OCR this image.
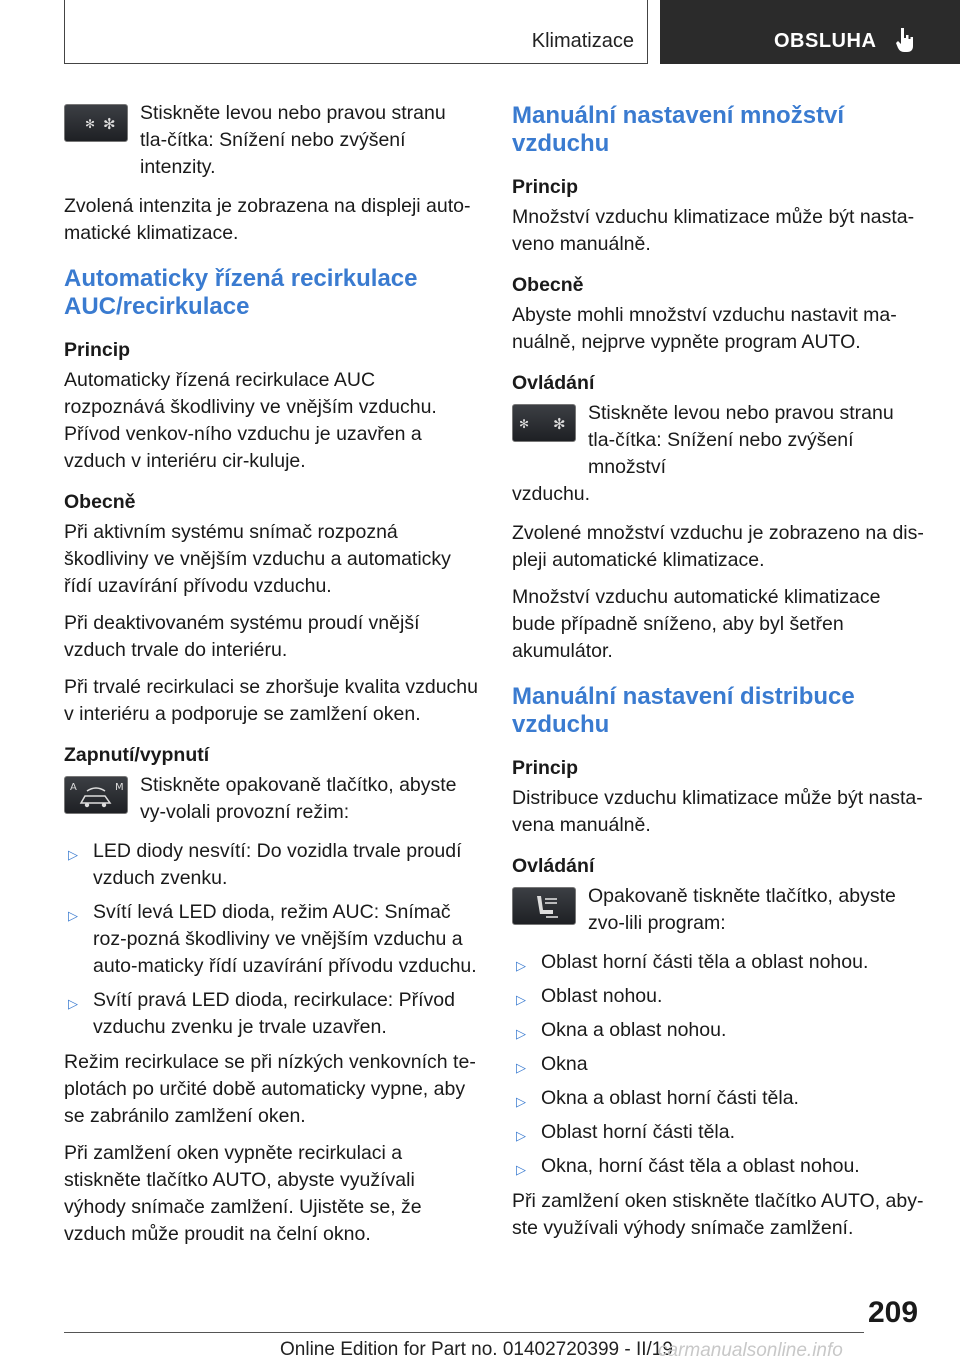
Klimatizace	OBSLUHA
✻ ✻ Stiskněte levou nebo pravou stranu tla-čítka: Snížení nebo zvýšení intenzity.

Zvolená intenzita je zobrazena na displeji auto-matické klimatizace.

Automaticky řízená recirkulace AUC/recirkulace
Princip

Automaticky řízená recirkulace AUC rozpoznává škodliviny ve vnějším vzduchu. Přívod venkov-ního vzduchu je uzavřen a vzduch v interiéru cir-kuluje.

Obecně

Při aktivním systému snímač rozpozná škodliviny ve vnějším vzduchu a automaticky řídí uzavírání přívodu vzduchu.

Při deaktivovaném systému proudí vnější vzduch trvale do interiéru.

Při trvalé recirkulaci se zhoršuje kvalita vzduchu v interiéru a podporuje se zamlžení oken.

Zapnutí/vypnutí
A	M Stiskněte opakovaně tlačítko, abyste vy-volali provozní režim:

▷ LED diody nesvítí: Do vozidla trvale proudí vzduch zvenku.
▷ Svítí levá LED dioda, režim AUC: Snímač roz-pozná škodliviny ve vnějším vzduchu a auto-maticky řídí uzavírání přívodu vzduchu.
▷ Svítí pravá LED dioda, recirkulace: Přívod vzduchu zvenku je trvale uzavřen.

Režim recirkulace se při nízkých venkovních te-plotách po určité době automaticky vypne, aby se zabránilo zamlžení oken.

Při zamlžení oken vypněte recirkulaci a stiskněte tlačítko AUTO, abyste využívali výhody snímače zamlžení. Ujistěte se, že vzduch může proudit na čelní okno.

Manuální nastavení množství vzduchu
Princip

Množství vzduchu klimatizace může být nasta-veno manuálně.

Obecně

Abyste mohli množství vzduchu nastavit ma-nuálně, nejprve vypněte program AUTO.

Ovládání
✻ ✻ Stiskněte levou nebo pravou stranu tla-čítka: Snížení nebo zvýšení množství

vzduchu.

Zvolené množství vzduchu je zobrazeno na dis-pleji automatické klimatizace.

Množství vzduchu automatické klimatizace bude případně sníženo, aby byl šetřen akumulátor.

Manuální nastavení distribuce vzduchu
Princip

Distribuce vzduchu klimatizace může být nasta-vena manuálně.

Ovládání

Opakovaně tiskněte tlačítko, abyste zvo-lili program:

▷ Oblast horní části těla a oblast nohou.
▷ Oblast nohou.
▷ Okna a oblast nohou.
▷ Okna
▷ Okna a oblast horní části těla.
▷ Oblast horní části těla.
▷ Okna, horní část těla a oblast nohou.

Při zamlžení oken stiskněte tlačítko AUTO, aby-ste využívali výhody snímače zamlžení.

209
Online Edition for Part no. 01402720399 - II/19
carmanualsonline.info
